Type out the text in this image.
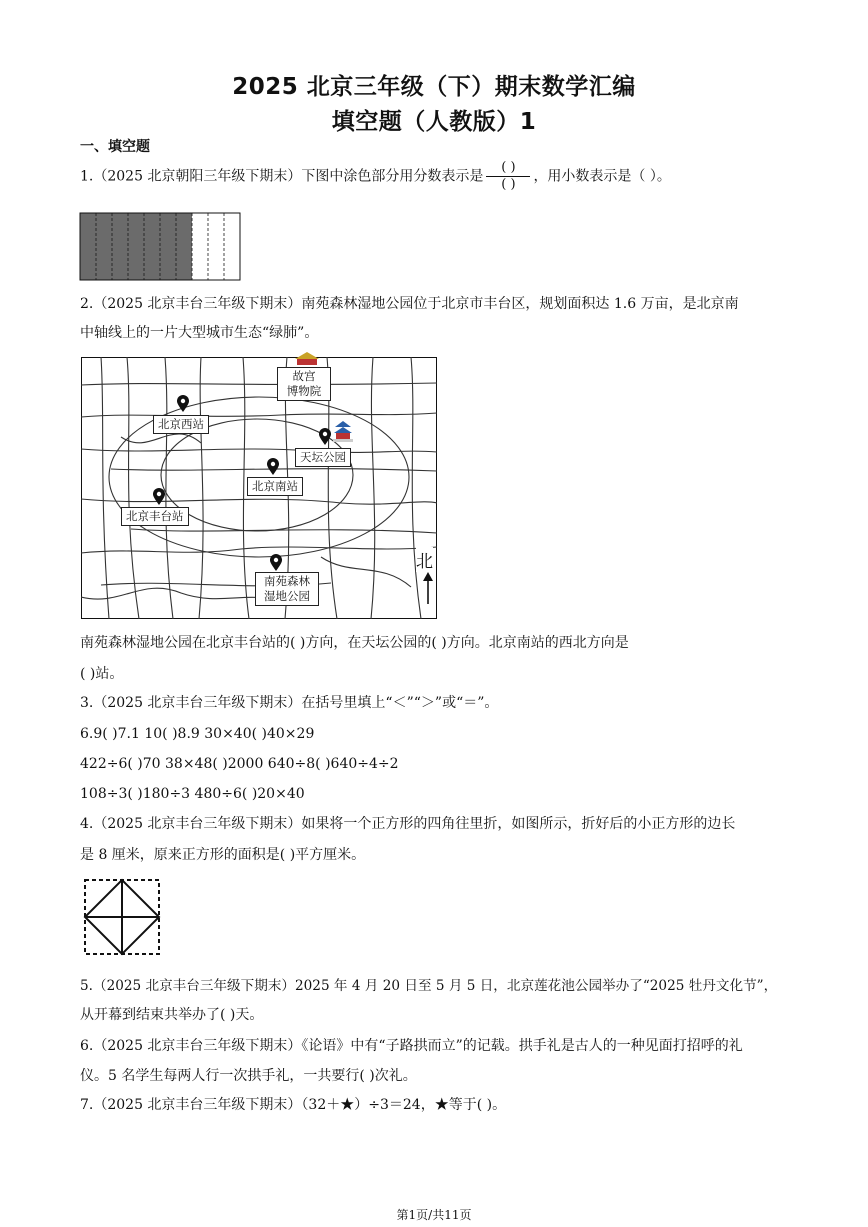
2025 北京三年级（下）期末数学汇编
填空题（人教版）1
一、填空题
1.（2025 北京朝阳三年级下期末）下图中涂色部分用分数表示是 $\frac{( )}{( )}$ ，用小数表示是（ ）。
2.（2025 北京丰台三年级下期末）南苑森林湿地公园位于北京市丰台区，规划面积达 1.6 万亩，是北京南
中轴线上的一片大型城市生态“绿肺”。
故宫
博物院
北京西站
天坛公园
北京南站
北京丰台站
南苑森林
湿地公园
北
南苑森林湿地公园在北京丰台站的( )方向，在天坛公园的( )方向。北京南站的西北方向是
( )站。
3.（2025 北京丰台三年级下期末）在括号里填上“＜”“＞”或“＝”。
6.9( )7.1 10( )8.9 30×40( )40×29
422÷6( )70 38×48( )2000 640÷8( )640÷4÷2
108÷3( )180÷3 480÷6( )20×40
4.（2025 北京丰台三年级下期末）如果将一个正方形的四角往里折，如图所示，折好后的小正方形的边长
是 8 厘米，原来正方形的面积是( )平方厘米。
5.（2025 北京丰台三年级下期末）2025 年 4 月 20 日至 5 月 5 日，北京莲花池公园举办了“2025 牡丹文化节”，
从开幕到结束共举办了( )天。
6.（2025 北京丰台三年级下期末）《论语》中有“子路拱而立”的记载。拱手礼是古人的一种见面打招呼的礼
仪。5 名学生每两人行一次拱手礼，一共要行( )次礼。
7.（2025 北京丰台三年级下期末）（32＋★）÷3＝24，★等于( )。
第1页/共11页
